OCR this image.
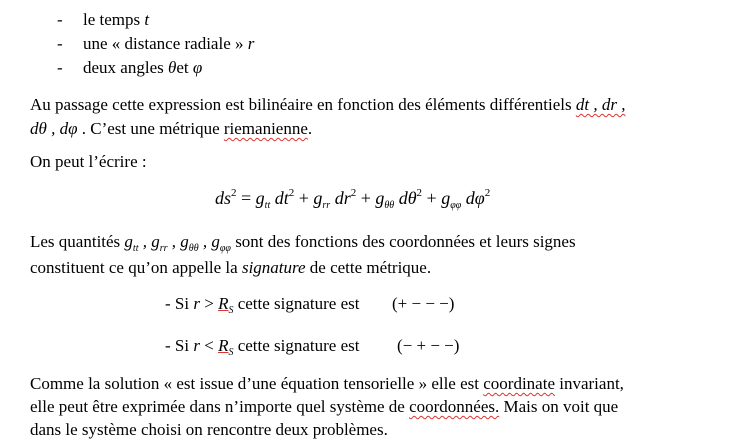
- le temps t
- une « distance radiale » r
- deux angles θet φ
Au passage cette expression est bilinéaire en fonction des éléments différentiels dt , dr ,
dθ , dφ . C’est une métrique riemanienne.
On peut l’écrire :
$ds^2 = g_{tt}$ $dt^2 + g_{rr}$ $dr^2 + g_{\theta\theta}$ $d\theta^2 + g_{\varphi\varphi}$ $d\varphi^2$
Les quantités $g_{tt}$ , $g_{rr}$ , $g_{\theta\theta}$ , $g_{\varphi\varphi}$ sont des fonctions des coordonnées et leurs signes
constituent ce qu’on appelle la signature de cette métrique.
- Si $r > R_S$ cette signature est (+ − − −)
- Si $r < R_S$ cette signature est (− + − −)
Comme la solution « est issue d’une équation tensorielle » elle est coordinate invariant,
elle peut être exprimée dans n’importe quel système de coordonnées. Mais on voit que
dans le système choisi on rencontre deux problèmes.
